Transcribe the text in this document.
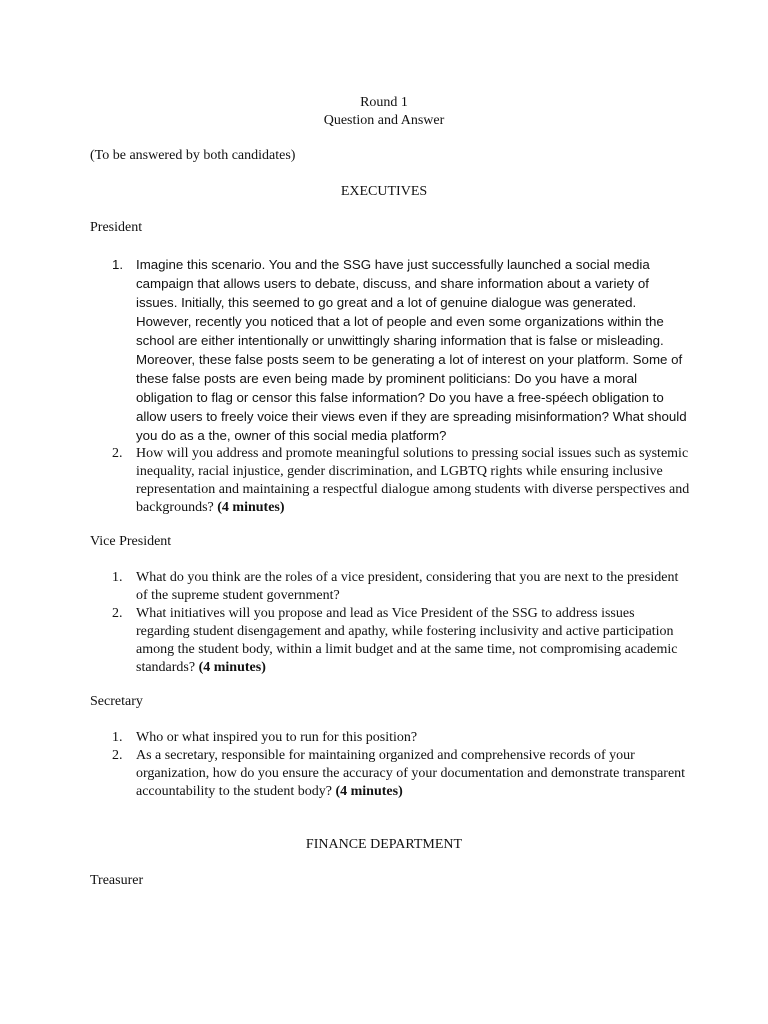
Round 1
Question and Answer
(To be answered by both candidates)
EXECUTIVES
President
1. Imagine this scenario. You and the SSG have just successfully launched a social media campaign that allows users to debate, discuss, and share information about a variety of issues. Initially, this seemed to go great and a lot of genuine dialogue was generated. However, recently you noticed that a lot of people and even some organizations within the school are either intentionally or unwittingly sharing information that is false or misleading. Moreover, these false posts seem to be generating a lot of interest on your platform. Some of these false posts are even being made by prominent politicians: Do you have a moral obligation to flag or censor this false information? Do you have a free-spéech obligation to allow users to freely voice their views even if they are spreading misinformation? What should you do as a the, owner of this social media platform?
2. How will you address and promote meaningful solutions to pressing social issues such as systemic inequality, racial injustice, gender discrimination, and LGBTQ rights while ensuring inclusive representation and maintaining a respectful dialogue among students with diverse perspectives and backgrounds? (4 minutes)
Vice President
1. What do you think are the roles of a vice president, considering that you are next to the president of the supreme student government?
2. What initiatives will you propose and lead as Vice President of the SSG to address issues regarding student disengagement and apathy, while fostering inclusivity and active participation among the student body, within a limit budget and at the same time, not compromising academic standards? (4 minutes)
Secretary
1. Who or what inspired you to run for this position?
2. As a secretary, responsible for maintaining organized and comprehensive records of your organization, how do you ensure the accuracy of your documentation and demonstrate transparent accountability to the student body? (4 minutes)
FINANCE DEPARTMENT
Treasurer
